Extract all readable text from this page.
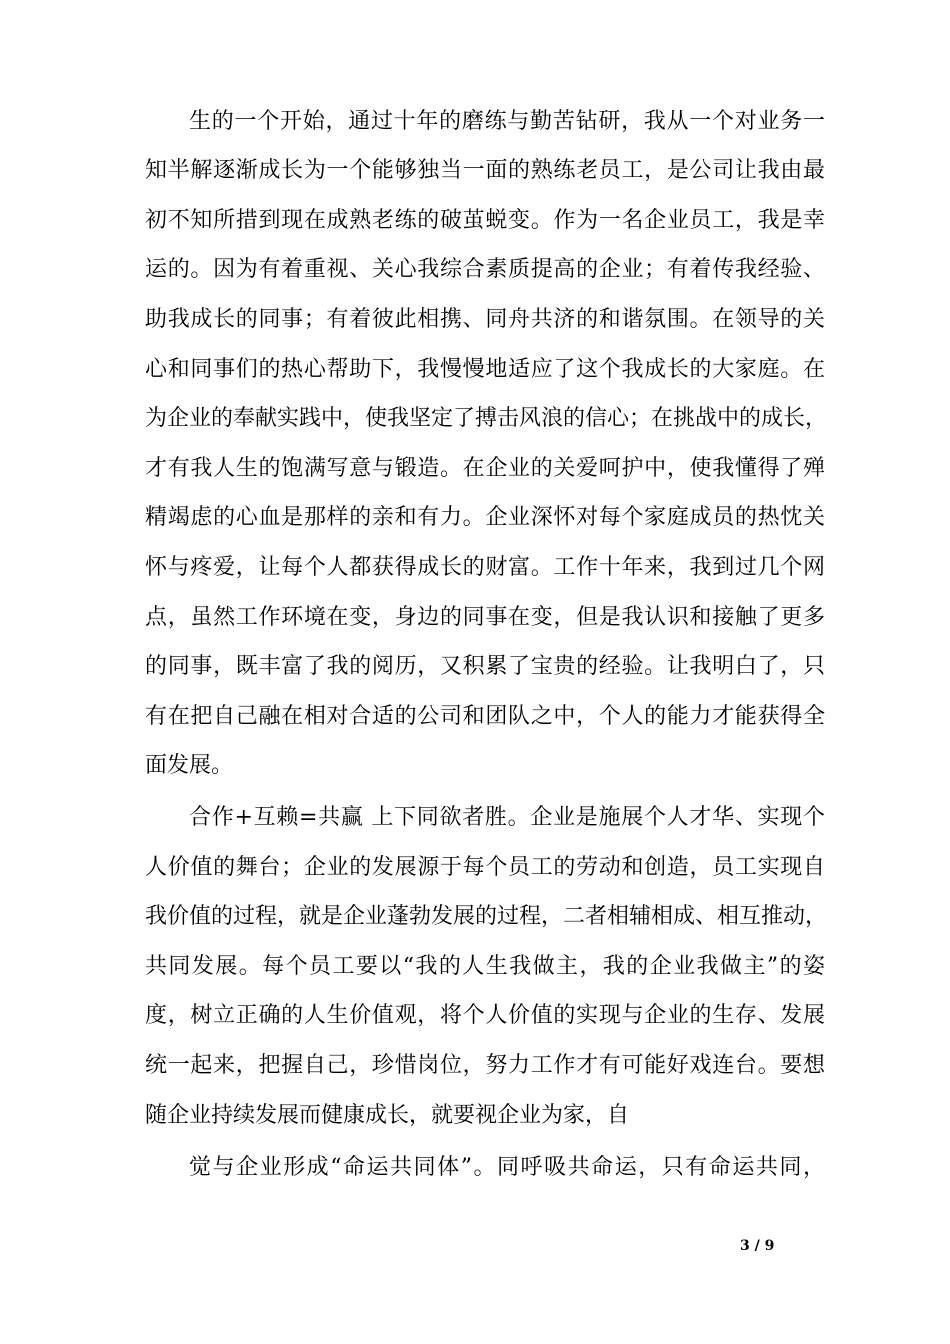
生的一个开始，通过十年的磨练与勤苦钻研，我从一个对业务一
知半解逐渐成长为一个能够独当一面的熟练老员工，是公司让我由最
初不知所措到现在成熟老练的破茧蜕变。作为一名企业员工，我是幸
运的。因为有着重视、关心我综合素质提高的企业；有着传我经验、
助我成长的同事；有着彼此相携、同舟共济的和谐氛围。在领导的关
心和同事们的热心帮助下，我慢慢地适应了这个我成长的大家庭。在
为企业的奉献实践中，使我坚定了搏击风浪的信心；在挑战中的成长，
才有我人生的饱满写意与锻造。在企业的关爱呵护中，使我懂得了殚
精竭虑的心血是那样的亲和有力。企业深怀对每个家庭成员的热忱关
怀与疼爱，让每个人都获得成长的财富。工作十年来，我到过几个网
点，虽然工作环境在变，身边的同事在变，但是我认识和接触了更多
的同事，既丰富了我的阅历，又积累了宝贵的经验。让我明白了，只
有在把自己融在相对合适的公司和团队之中，个人的能力才能获得全
面发展。
合作+互赖=共赢 上下同欲者胜。企业是施展个人才华、实现个
人价值的舞台；企业的发展源于每个员工的劳动和创造，员工实现自
我价值的过程，就是企业蓬勃发展的过程，二者相辅相成、相互推动，
共同发展。每个员工要以“我的人生我做主，我的企业我做主”的姿
度，树立正确的人生价值观，将个人价值的实现与企业的生存、发展
统一起来，把握自己，珍惜岗位，努力工作才有可能好戏连台。要想
随企业持续发展而健康成长，就要视企业为家，自
觉与企业形成“命运共同体”。同呼吸共命运，只有命运共同，
3 / 9
